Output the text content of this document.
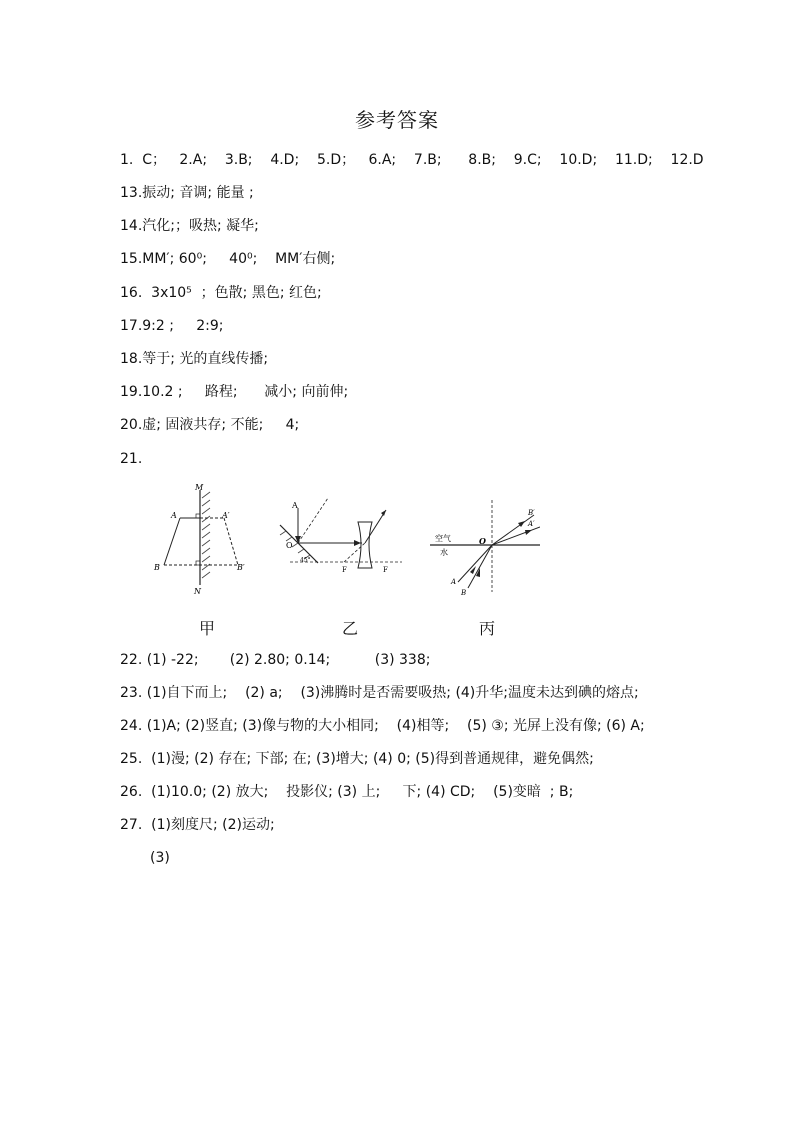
参考答案
1.  C；   2.A;    3.B;    4.D;    5.D；   6.A;    7.B;      8.B;    9.C;    10.D;    11.D;    12.D
13.振动; 音调; 能量 ;
14.汽化;；吸热; 凝华;
15.MM′; 60⁰;     40⁰;    MM′右侧;
16.  3x10⁵  ；色散; 黑色; 红色;
17.9:2 ;     2:9;
18.等于; 光的直线传播;
19.10.2 ;     路程;      减小; 向前伸;
20.虚; 固液共存; 不能;     4;
21.
M
N
A	A′
B	B′
A
O
45°
F	F
空气
水
O
A
B
A′
B′
甲	乙	丙
22. (1) -22;       (2) 2.80; 0.14;          (3) 338;
23. (1)自下而上;    (2) a;    (3)沸腾时是否需要吸热; (4)升华;温度未达到碘的熔点;
24. (1)A; (2)竖直; (3)像与物的大小相同;    (4)相等;    (5) ③; 光屏上没有像; (6) A;
25.  (1)漫; (2) 存在; 下部; 在; (3)增大; (4) 0; (5)得到普通规律，避免偶然;
26.  (1)10.0; (2) 放大;    投影仪; (3) 上;     下; (4) CD;    (5)变暗  ; B;
27.  (1)刻度尺; (2)运动;
(3)
